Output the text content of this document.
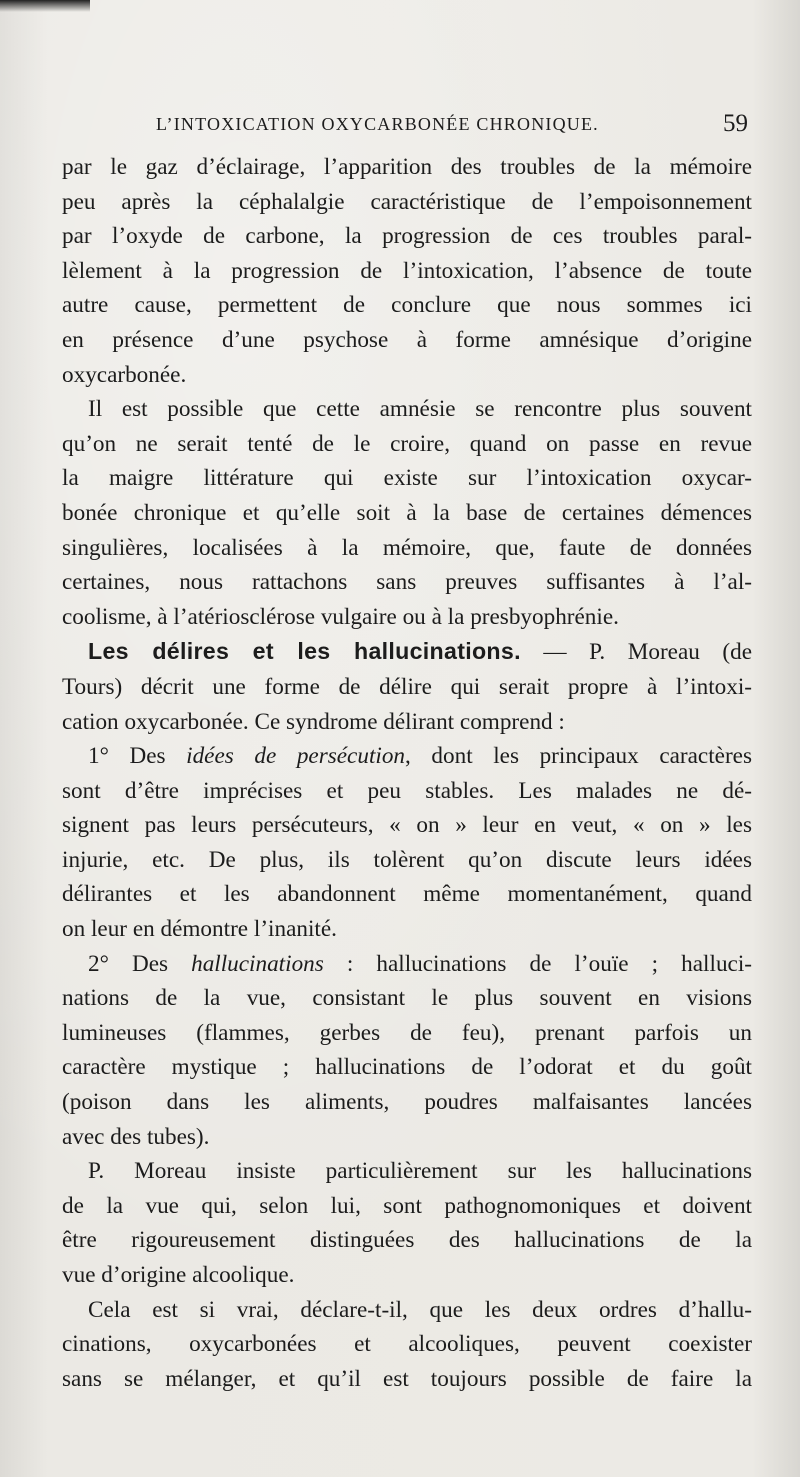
L’INTOXICATION OXYCARBONÉE CHRONIQUE.	59
par le gaz d’éclairage, l’apparition des troubles de la mémoire
peu après la céphalalgie caractéristique de l’empoisonnement
par l’oxyde de carbone, la progression de ces troubles paral-
lèlement à la progression de l’intoxication, l’absence de toute
autre cause, permettent de conclure que nous sommes ici
en présence d’une psychose à forme amnésique d’origine
oxycarbonée.
Il est possible que cette amnésie se rencontre plus souvent
qu’on ne serait tenté de le croire, quand on passe en revue
la maigre littérature qui existe sur l’intoxication oxycar-
bonée chronique et qu’elle soit à la base de certaines démences
singulières, localisées à la mémoire, que, faute de données
certaines, nous rattachons sans preuves suffisantes à l’al-
coolisme, à l’atériosclérose vulgaire ou à la presbyophrénie.
Les délires et les hallucinations. — P. Moreau (de
Tours) décrit une forme de délire qui serait propre à l’intoxi-
cation oxycarbonée. Ce syndrome délirant comprend :
1° Des idées de persécution, dont les principaux caractères
sont d’être imprécises et peu stables. Les malades ne dé-
signent pas leurs persécuteurs, « on » leur en veut, « on » les
injurie, etc. De plus, ils tolèrent qu’on discute leurs idées
délirantes et les abandonnent même momentanément, quand
on leur en démontre l’inanité.
2° Des hallucinations : hallucinations de l’ouïe ; halluci-
nations de la vue, consistant le plus souvent en visions
lumineuses (flammes, gerbes de feu), prenant parfois un
caractère mystique ; hallucinations de l’odorat et du goût
(poison dans les aliments, poudres malfaisantes lancées
avec des tubes).
P. Moreau insiste particulièrement sur les hallucinations
de la vue qui, selon lui, sont pathognomoniques et doivent
être rigoureusement distinguées des hallucinations de la
vue d’origine alcoolique.
Cela est si vrai, déclare-t-il, que les deux ordres d’hallu-
cinations, oxycarbonées et alcooliques, peuvent coexister
sans se mélanger, et qu’il est toujours possible de faire la
